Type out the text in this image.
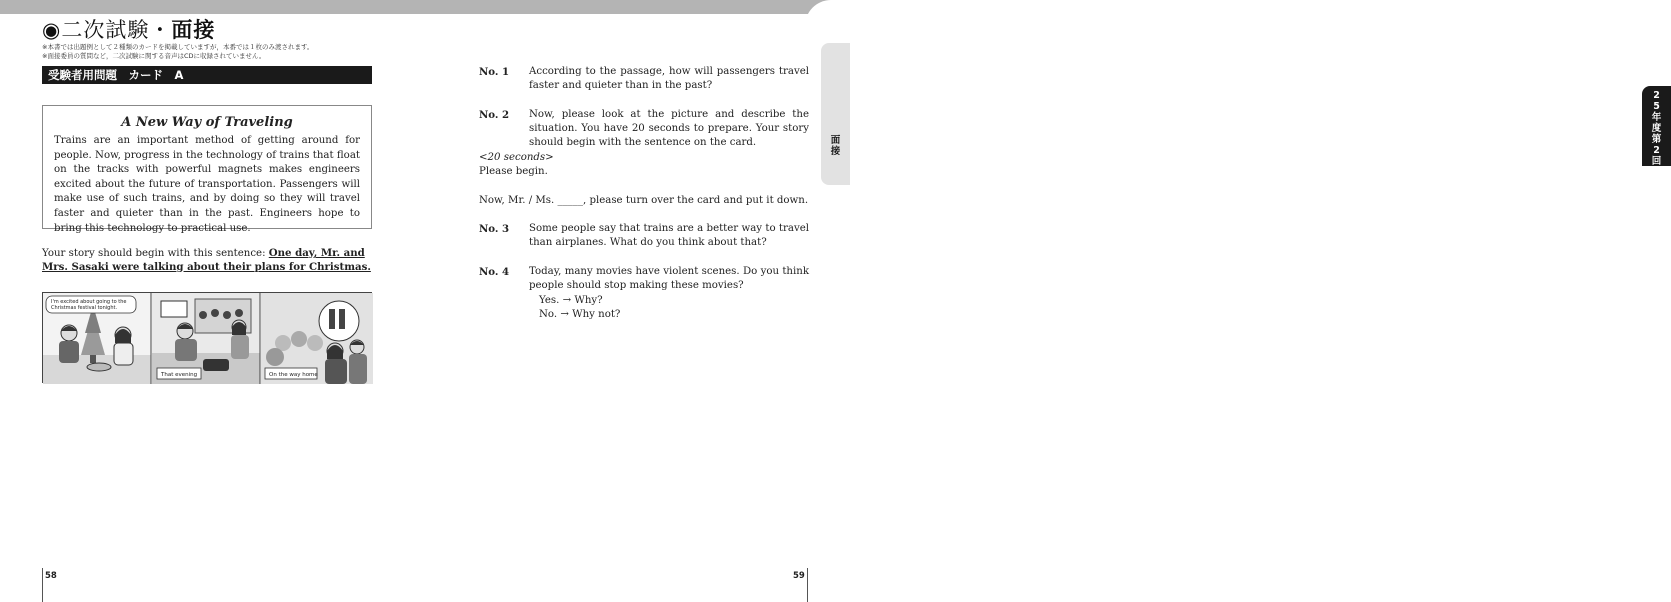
◉二次試験・面接
※本書では出題例として２種類のカードを掲載していますが，本番では１枚のみ渡されます。
※面接委員の質問など，二次試験に関する音声はCDに収録されていません。
受験者用問題　カード　A
A New Way of Traveling

Trains are an important method of getting around for people. Now, progress in the technology of trains that float on the tracks with powerful magnets makes engineers excited about the future of transportation. Passengers will make use of such trains, and by doing so they will travel faster and quieter than in the past. Engineers hope to bring this technology to practical use.

Your story should begin with this sentence: One day, Mr. and Mrs. Sasaki were talking about their plans for Christmas.
I'm excited about going to the Christmas festival tonight.
That evening	On the way home
58
No. 1 According to the passage, how will passengers travel faster and quieter than in the past?
No. 2 Now, please look at the picture and describe the situation. You have 20 seconds to prepare. Your story should begin with the sentence on the card.
<20 seconds>
Please begin.
Now, Mr. / Ms. _____, please turn over the card and put it down.
No. 3 Some people say that trains are a better way to travel than airplanes. What do you think about that?
No. 4 Today, many movies have violent scenes. Do you think people should stop making these movies?
Yes. → Why?
No. → Why not?
59
25年度第2回
面接
